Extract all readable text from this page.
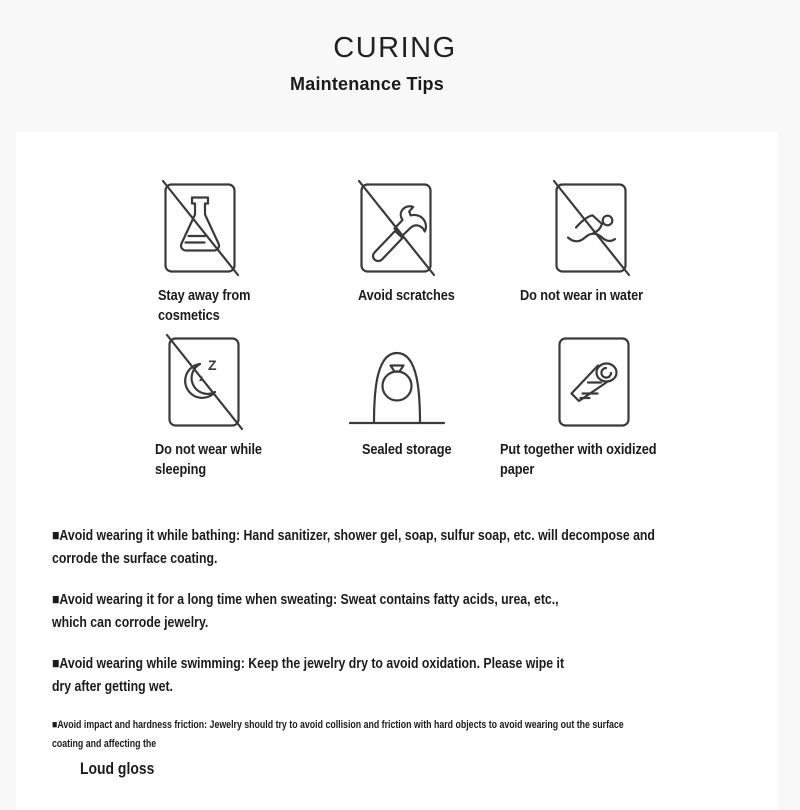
CURING
Maintenance Tips
Stay away from
cosmetics
Avoid scratches	Do not wear in water
Z
z
Do not wear while
sleeping
Sealed storage	Put together with oxidized
paper
■Avoid wearing it while bathing: Hand sanitizer, shower gel, soap, sulfur soap, etc. will decompose and
corrode the surface coating.
■Avoid wearing it for a long time when sweating: Sweat contains fatty acids, urea, etc.,
which can corrode jewelry.
■Avoid wearing while swimming: Keep the jewelry dry to avoid oxidation. Please wipe it
dry after getting wet.
■Avoid impact and hardness friction: Jewelry should try to avoid collision and friction with hard objects to avoid wearing out the surface
coating and affecting the
Loud gloss
